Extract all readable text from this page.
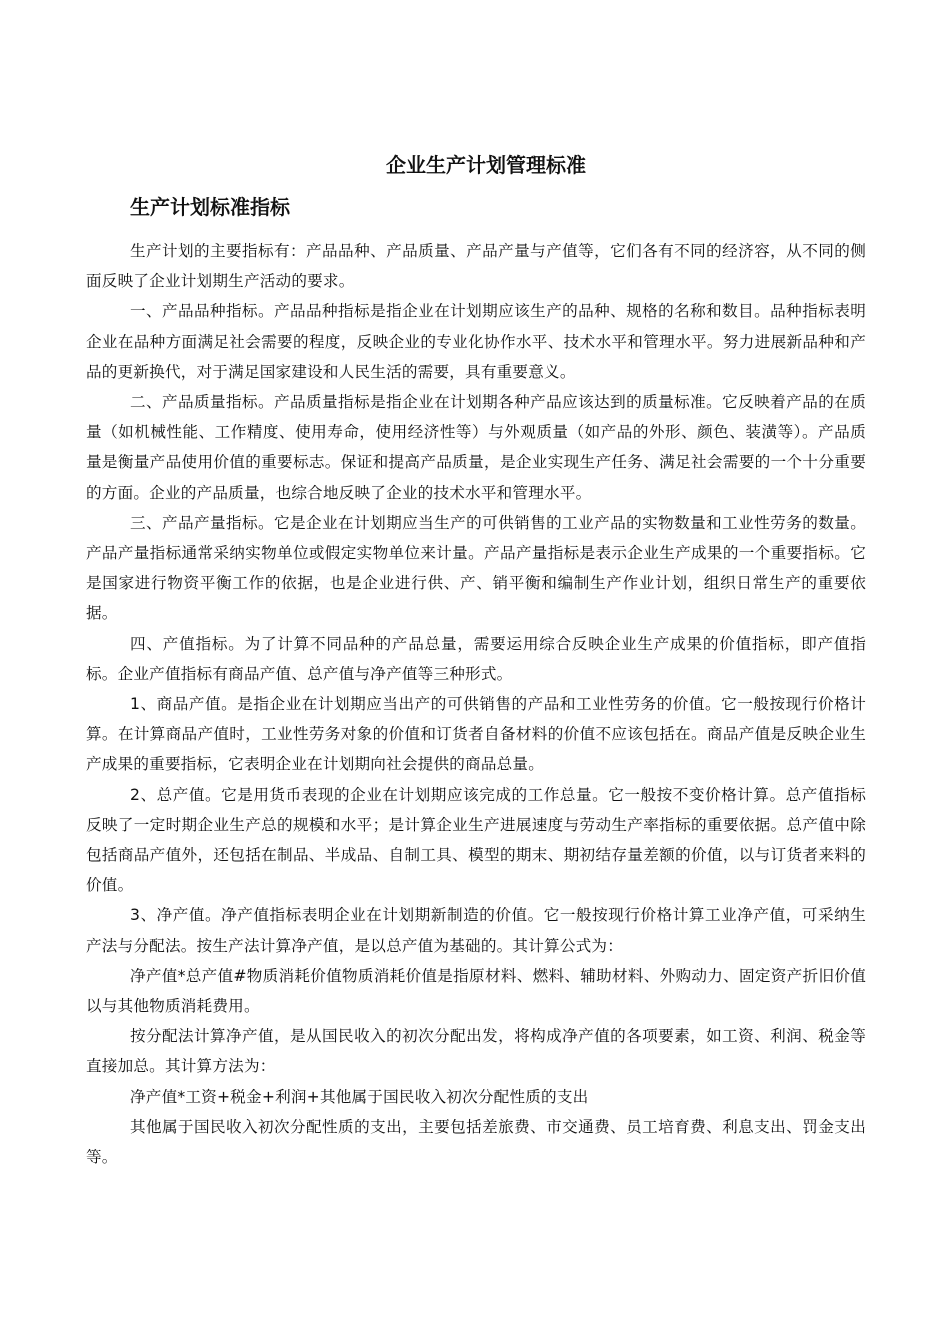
企业生产计划管理标准
生产计划标准指标

生产计划的主要指标有：产品品种、产品质量、产品产量与产值等，它们各有不同的经济容，从不同的侧面反映了企业计划期生产活动的要求。

一、产品品种指标。产品品种指标是指企业在计划期应该生产的品种、规格的名称和数目。品种指标表明企业在品种方面满足社会需要的程度，反映企业的专业化协作水平、技术水平和管理水平。努力进展新品种和产品的更新换代，对于满足国家建设和人民生活的需要，具有重要意义。

二、产品质量指标。产品质量指标是指企业在计划期各种产品应该达到的质量标准。它反映着产品的在质量（如机械性能、工作精度、使用寿命，使用经济性等）与外观质量（如产品的外形、颜色、装潢等）。产品质量是衡量产品使用价值的重要标志。保证和提高产品质量，是企业实现生产任务、满足社会需要的一个十分重要的方面。企业的产品质量，也综合地反映了企业的技术水平和管理水平。

三、产品产量指标。它是企业在计划期应当生产的可供销售的工业产品的实物数量和工业性劳务的数量。产品产量指标通常采纳实物单位或假定实物单位来计量。产品产量指标是表示企业生产成果的一个重要指标。它是国家进行物资平衡工作的依据，也是企业进行供、产、销平衡和编制生产作业计划，组织日常生产的重要依据。

四、产值指标。为了计算不同品种的产品总量，需要运用综合反映企业生产成果的价值指标，即产值指标。企业产值指标有商品产值、总产值与净产值等三种形式。

1、商品产值。是指企业在计划期应当出产的可供销售的产品和工业性劳务的价值。它一般按现行价格计算。在计算商品产值时，工业性劳务对象的价值和订货者自备材料的价值不应该包括在。商品产值是反映企业生产成果的重要指标，它表明企业在计划期向社会提供的商品总量。

2、总产值。它是用货币表现的企业在计划期应该完成的工作总量。它一般按不变价格计算。总产值指标反映了一定时期企业生产总的规模和水平；是计算企业生产进展速度与劳动生产率指标的重要依据。总产值中除包括商品产值外，还包括在制品、半成品、自制工具、模型的期末、期初结存量差额的价值，以与订货者来料的价值。

3、净产值。净产值指标表明企业在计划期新制造的价值。它一般按现行价格计算工业净产值，可采纳生产法与分配法。按生产法计算净产值，是以总产值为基础的。其计算公式为：

净产值*总产值#物质消耗价值物质消耗价值是指原材料、燃料、辅助材料、外购动力、固定资产折旧价值以与其他物质消耗费用。

按分配法计算净产值，是从国民收入的初次分配出发，将构成净产值的各项要素，如工资、利润、税金等直接加总。其计算方法为：

净产值*工资+税金+利润+其他属于国民收入初次分配性质的支出

其他属于国民收入初次分配性质的支出，主要包括差旅费、市交通费、员工培育费、利息支出、罚金支出等。
